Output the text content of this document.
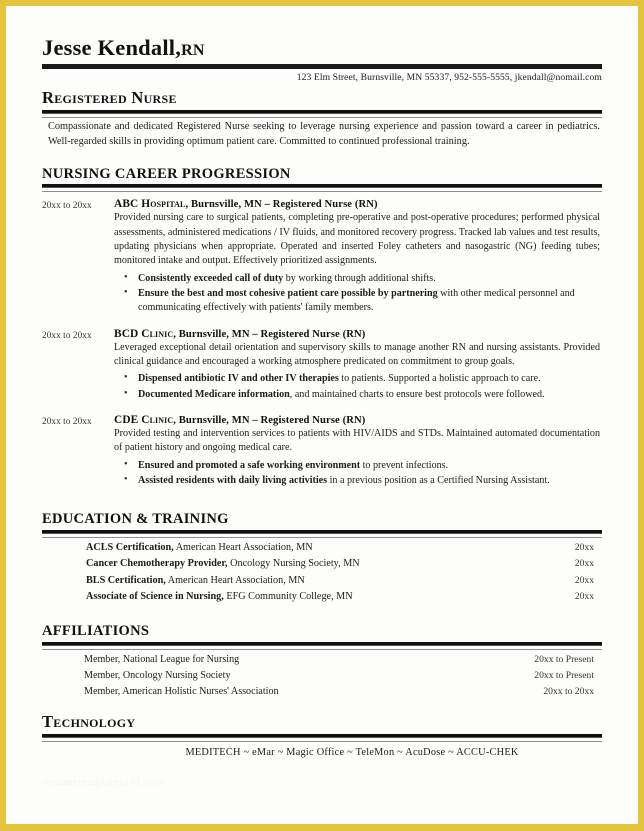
Jesse Kendall,RN
123 Elm Street, Burnsville, MN 55337, 952-555-5555, jkendall@nomail.com
Registered Nurse
Compassionate and dedicated Registered Nurse seeking to leverage nursing experience and passion toward a career in pediatrics. Well-regarded skills in providing optimum patient care. Committed to continued professional training.
NURSING CAREER PROGRESSION
20xx to 20xx	ABC Hospital, Burnsville, MN – Registered Nurse (RN)
Provided nursing care to surgical patients, completing pre-operative and post-operative procedures; performed physical assessments, administered medications / IV fluids, and monitored recovery progress. Tracked lab values and test results, updating physicians when appropriate. Operated and inserted Foley catheters and nasogastric (NG) feeding tubes; monitored intake and output. Effectively prioritized assignments.
• Consistently exceeded call of duty by working through additional shifts.
• Ensure the best and most cohesive patient care possible by partnering with other medical personnel and communicating effectively with patients' family members.
20xx to 20xx	BCD Clinic, Burnsville, MN – Registered Nurse (RN)
Leveraged exceptional detail orientation and supervisory skills to manage another RN and nursing assistants. Provided clinical guidance and encouraged a working atmosphere predicated on commitment to group goals.
• Dispensed antibiotic IV and other IV therapies to patients. Supported a holistic approach to care.
• Documented Medicare information, and maintained charts to ensure best protocols were followed.
20xx to 20xx	CDE Clinic, Burnsville, MN – Registered Nurse (RN)
Provided testing and intervention services to patients with HIV/AIDS and STDs. Maintained automated documentation of patient history and ongoing medical care.
• Ensured and promoted a safe working environment to prevent infections.
• Assisted residents with daily living activities in a previous position as a Certified Nursing Assistant.
EDUCATION & TRAINING
ACLS Certification, American Heart Association, MN	20xx
Cancer Chemotherapy Provider, Oncology Nursing Society, MN	20xx
BLS Certification, American Heart Association, MN	20xx
Associate of Science in Nursing, EFG Community College, MN	20xx
AFFILIATIONS
Member, National League for Nursing	20xx to Present
Member, Oncology Nursing Society	20xx to Present
Member, American Holistic Nurses' Association	20xx to 20xx
Technology
MEDITECH ~ eMar ~ Magic Office ~ TeleMon ~ AcuDose ~ ACCU-CHEK
resumetemplates101.com
